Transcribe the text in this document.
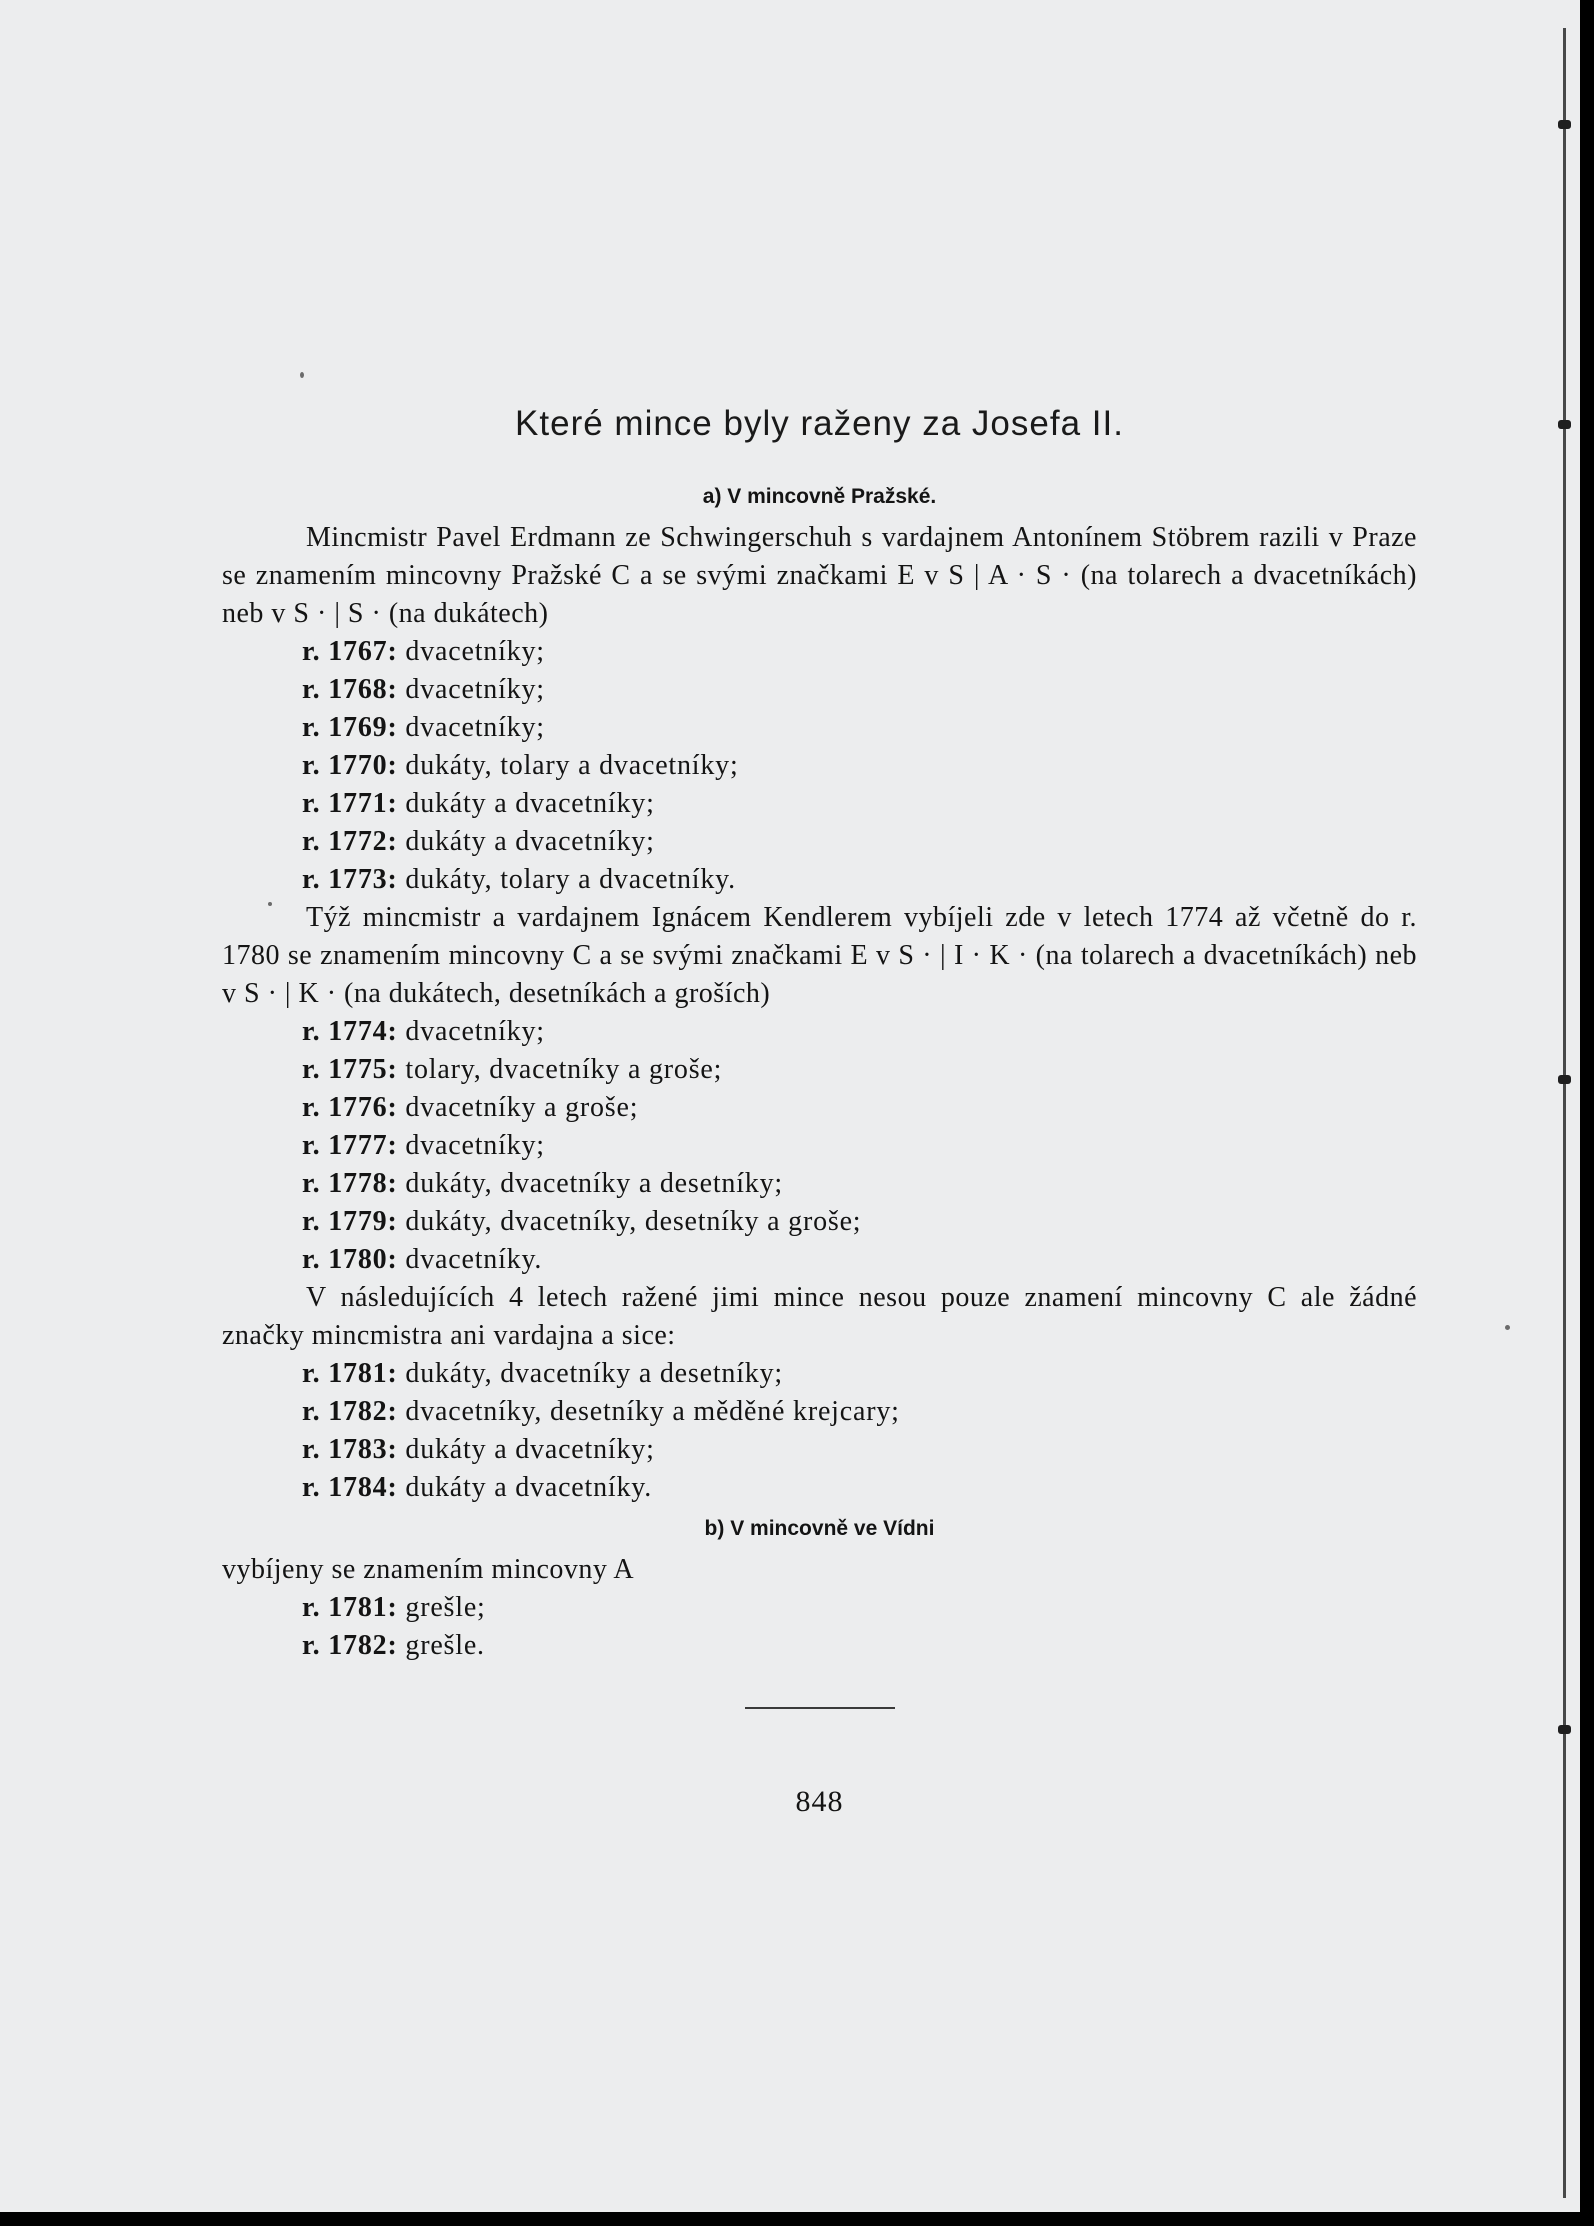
Které mince byly raženy za Josefa II.
a) V mincovně Pražské.

Mincmistr Pavel Erdmann ze Schwingerschuh s vardajnem Antonínem Stöbrem razili v Praze se znamením mincovny Pražské C a se svými značkami E v S | A · S · (na tolarech a dvacetníkách) neb v S · | S · (na dukátech)

r. 1767: dvacetníky;
r. 1768: dvacetníky;
r. 1769: dvacetníky;
r. 1770: dukáty, tolary a dvacetníky;
r. 1771: dukáty a dvacetníky;
r. 1772: dukáty a dvacetníky;
r. 1773: dukáty, tolary a dvacetníky.

Týž mincmistr a vardajnem Ignácem Kendlerem vybíjeli zde v letech 1774 až včetně do r. 1780 se znamením mincovny C a se svými značkami E v S · | I · K · (na tolarech a dvacetníkách) neb v S · | K · (na dukátech, desetníkách a groších)

r. 1774: dvacetníky;
r. 1775: tolary, dvacetníky a groše;
r. 1776: dvacetníky a groše;
r. 1777: dvacetníky;
r. 1778: dukáty, dvacetníky a desetníky;
r. 1779: dukáty, dvacetníky, desetníky a groše;
r. 1780: dvacetníky.

V následujících 4 letech ražené jimi mince nesou pouze znamení mincovny C ale žádné značky mincmistra ani vardajna a sice:

r. 1781: dukáty, dvacetníky a desetníky;
r. 1782: dvacetníky, desetníky a měděné krejcary;
r. 1783: dukáty a dvacetníky;
r. 1784: dukáty a dvacetníky.
b) V mincovně ve Vídni

vybíjeny se znamením mincovny A

r. 1781: grešle;
r. 1782: grešle.
848
